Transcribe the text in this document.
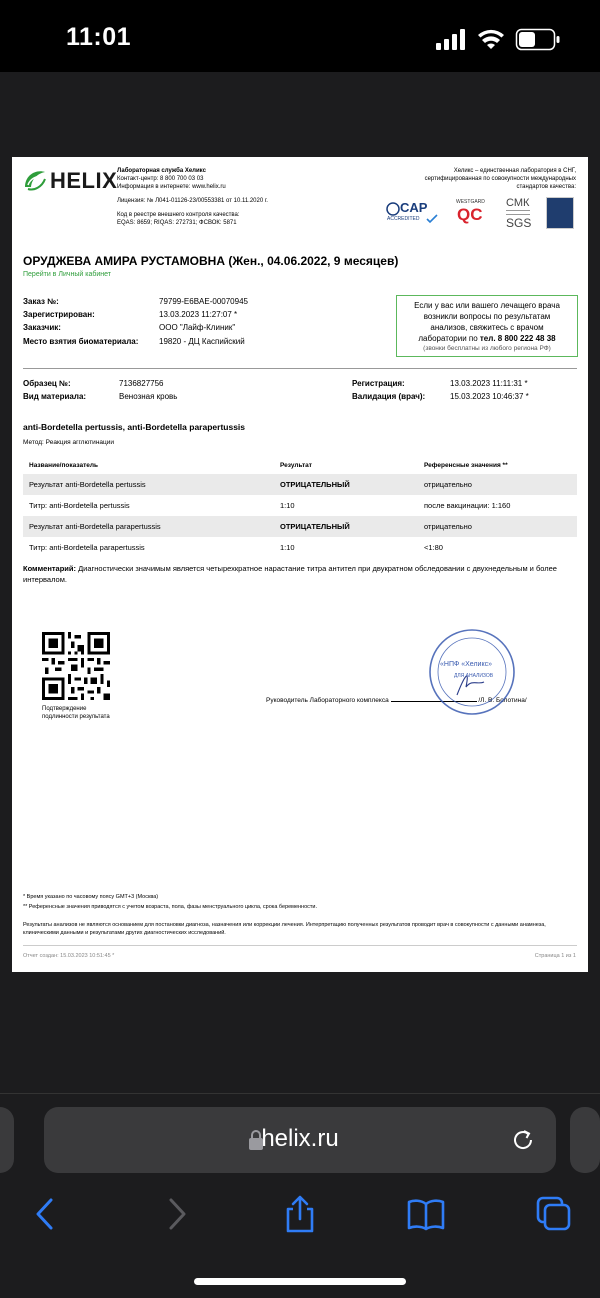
11:01
HELIX Лабораторная служба Хеликс
Контакт-центр: 8 800 700 03 03
Информация в интернете: www.helix.ru
Лицензия: № Л041-01126-23/00553381 от 10.11.2020 г.
Код в реестре внешнего контроля качества:
EQAS: 8659; RIQAS: 272731; ФСВОК: 5871
Хеликс – единственная лаборатория в СНГ,
сертифицированная по совокупности международных
стандартов качества:
CAP
ACCREDITED
WESTGARD
QC
СМК
SGS
ОРУДЖЕВА АМИРА РУСТАМОВНА (Жен., 04.06.2022, 9 месяцев)
Перейти в Личный кабинет
Заказ №:	79799-E6BAE-00070945
Зарегистрирован:	13.03.2023 11:27:07 *
Заказчик:	ООО "Лайф-Клиник"
Место взятия биоматериала:	19820 - ДЦ Каспийский
Если у вас или вашего лечащего врача
возникли вопросы по результатам
анализов, свяжитесь с врачом
лаборатории по тел. 8 800 222 48 38
(звонки бесплатны из любого региона РФ)
Образец №:	7136827756
Вид материала:	Венозная кровь
Регистрация:	13.03.2023 11:11:31 *
Валидация (врач):	15.03.2023 10:46:37 *
anti-Bordetella pertussis, anti-Bordetella parapertussis
Метод: Реакция агглютинации
Название/показатель	Результат	Референсные значения **
Результат anti-Bordetella pertussis	ОТРИЦАТЕЛЬНЫЙ	отрицательно
Титр: anti-Bordetella pertussis	1:10	после вакцинации: 1:160
Результат anti-Bordetella parapertussis	ОТРИЦАТЕЛЬНЫЙ	отрицательно
Титр: anti-Bordetella parapertussis	1:10	<1:80
Комментарий: Диагностически значимым является четырехкратное нарастание титра антител при двукратном обследовании с двухнедельным и более интервалом.
Подтверждение
подлинности результата
Руководитель Лабораторного комплекса	/Л. В. Болотина/
«НПФ «Хеликс»
ДЛЯ АНАЛИЗОВ
* Время указано по часовому поясу GMT+3 (Москва)
** Референсные значения приводятся с учетом возраста, пола, фазы менструального цикла, срока беременности.
Результаты анализов не являются основанием для постановки диагноза, назначения или коррекции лечения. Интерпретацию полученных результатов проводит врач в совокупности с данными анамнеза, клиническими данными и результатами других диагностических исследований.
Отчет создан: 15.03.2023 10:51:45 *	Страница 1 из 1
helix.ru
